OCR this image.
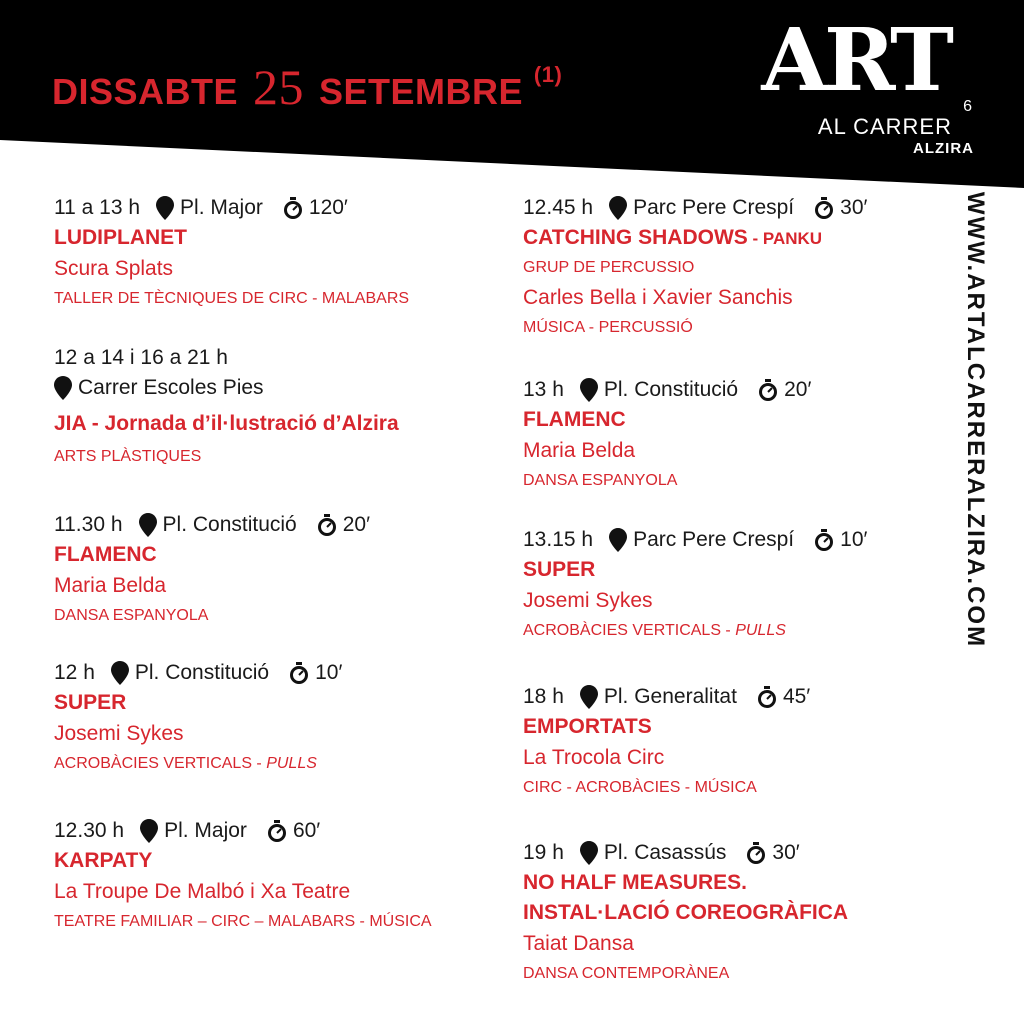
DISSABTE 25 SETEMBRE (1) ART 6
AL CARRER
ALZIRA
11 a 13 h Pl. Major 120′
LUDIPLANET
Scura Splats
TALLER DE TÈCNIQUES DE CIRC - MALABARS
12 a 14 i 16 a 21 h
Carrer Escoles Pies
JIA - Jornada d’il·lustració d’Alzira
ARTS PLÀSTIQUES
11.30 h Pl. Constitució 20′
FLAMENC
Maria Belda
DANSA ESPANYOLA
12 h Pl. Constitució 10′
SUPER
Josemi Sykes
ACROBÀCIES VERTICALS - PULLS
12.30 h Pl. Major 60′
KARPATY
La Troupe De Malbó i Xa Teatre
TEATRE FAMILIAR – CIRC – MALABARS - MÚSICA
12.45 h Parc Pere Crespí 30′
CATCHING SHADOWS - PANKU
GRUP DE PERCUSSIO
Carles Bella i Xavier Sanchis
MÚSICA - PERCUSSIÓ
13 h Pl. Constitució 20′
FLAMENC
Maria Belda
DANSA ESPANYOLA
13.15 h Parc Pere Crespí 10′
SUPER
Josemi Sykes
ACROBÀCIES VERTICALS - PULLS
18 h Pl. Generalitat 45′
EMPORTATS
La Trocola Circ
CIRC - ACROBÀCIES - MÚSICA
19 h Pl. Casassús 30′
NO HALF MEASURES.
INSTAL·LACIÓ COREOGRÀFICA
Taiat Dansa
DANSA CONTEMPORÀNEA
WWW.ARTALCARRERALZIRA.COM
